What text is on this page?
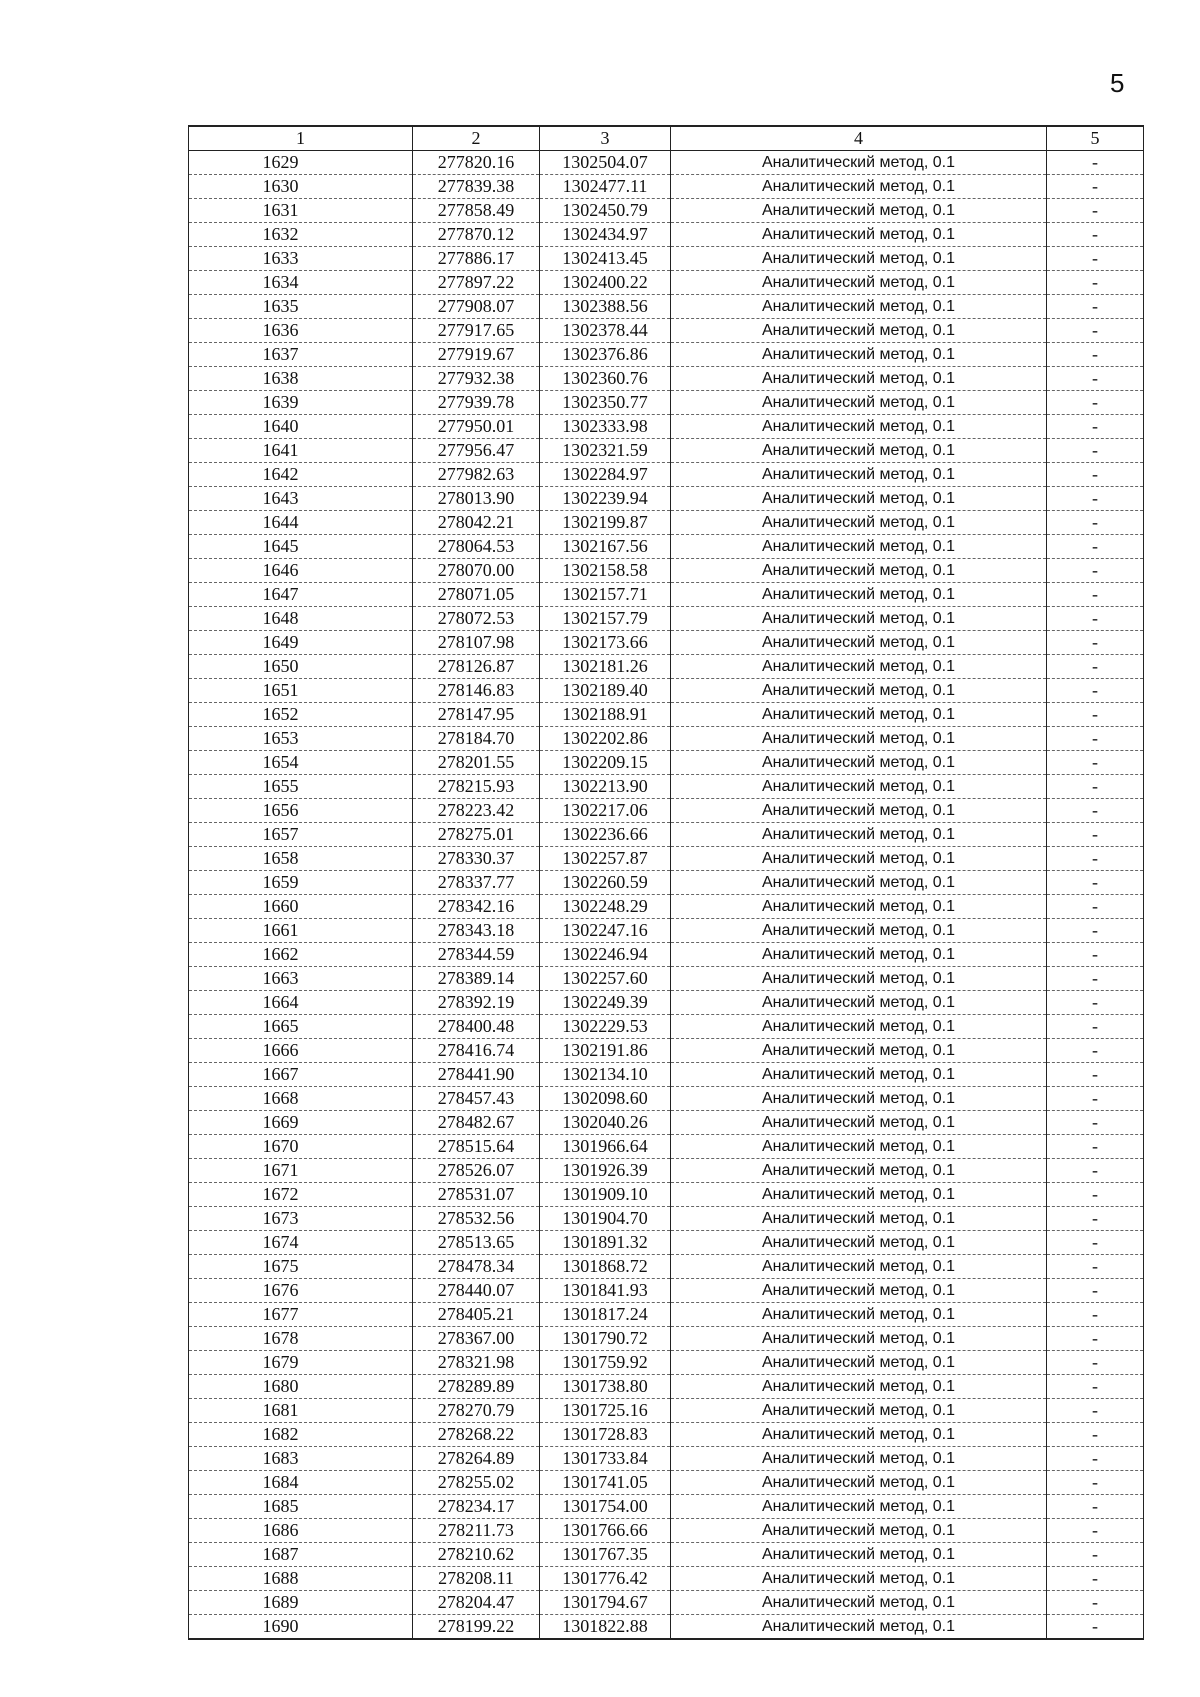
5
1	2	3	4	5
1629	277820.16	1302504.07	Аналитический метод, 0.1	-
1630	277839.38	1302477.11	Аналитический метод, 0.1	-
1631	277858.49	1302450.79	Аналитический метод, 0.1	-
1632	277870.12	1302434.97	Аналитический метод, 0.1	-
1633	277886.17	1302413.45	Аналитический метод, 0.1	-
1634	277897.22	1302400.22	Аналитический метод, 0.1	-
1635	277908.07	1302388.56	Аналитический метод, 0.1	-
1636	277917.65	1302378.44	Аналитический метод, 0.1	-
1637	277919.67	1302376.86	Аналитический метод, 0.1	-
1638	277932.38	1302360.76	Аналитический метод, 0.1	-
1639	277939.78	1302350.77	Аналитический метод, 0.1	-
1640	277950.01	1302333.98	Аналитический метод, 0.1	-
1641	277956.47	1302321.59	Аналитический метод, 0.1	-
1642	277982.63	1302284.97	Аналитический метод, 0.1	-
1643	278013.90	1302239.94	Аналитический метод, 0.1	-
1644	278042.21	1302199.87	Аналитический метод, 0.1	-
1645	278064.53	1302167.56	Аналитический метод, 0.1	-
1646	278070.00	1302158.58	Аналитический метод, 0.1	-
1647	278071.05	1302157.71	Аналитический метод, 0.1	-
1648	278072.53	1302157.79	Аналитический метод, 0.1	-
1649	278107.98	1302173.66	Аналитический метод, 0.1	-
1650	278126.87	1302181.26	Аналитический метод, 0.1	-
1651	278146.83	1302189.40	Аналитический метод, 0.1	-
1652	278147.95	1302188.91	Аналитический метод, 0.1	-
1653	278184.70	1302202.86	Аналитический метод, 0.1	-
1654	278201.55	1302209.15	Аналитический метод, 0.1	-
1655	278215.93	1302213.90	Аналитический метод, 0.1	-
1656	278223.42	1302217.06	Аналитический метод, 0.1	-
1657	278275.01	1302236.66	Аналитический метод, 0.1	-
1658	278330.37	1302257.87	Аналитический метод, 0.1	-
1659	278337.77	1302260.59	Аналитический метод, 0.1	-
1660	278342.16	1302248.29	Аналитический метод, 0.1	-
1661	278343.18	1302247.16	Аналитический метод, 0.1	-
1662	278344.59	1302246.94	Аналитический метод, 0.1	-
1663	278389.14	1302257.60	Аналитический метод, 0.1	-
1664	278392.19	1302249.39	Аналитический метод, 0.1	-
1665	278400.48	1302229.53	Аналитический метод, 0.1	-
1666	278416.74	1302191.86	Аналитический метод, 0.1	-
1667	278441.90	1302134.10	Аналитический метод, 0.1	-
1668	278457.43	1302098.60	Аналитический метод, 0.1	-
1669	278482.67	1302040.26	Аналитический метод, 0.1	-
1670	278515.64	1301966.64	Аналитический метод, 0.1	-
1671	278526.07	1301926.39	Аналитический метод, 0.1	-
1672	278531.07	1301909.10	Аналитический метод, 0.1	-
1673	278532.56	1301904.70	Аналитический метод, 0.1	-
1674	278513.65	1301891.32	Аналитический метод, 0.1	-
1675	278478.34	1301868.72	Аналитический метод, 0.1	-
1676	278440.07	1301841.93	Аналитический метод, 0.1	-
1677	278405.21	1301817.24	Аналитический метод, 0.1	-
1678	278367.00	1301790.72	Аналитический метод, 0.1	-
1679	278321.98	1301759.92	Аналитический метод, 0.1	-
1680	278289.89	1301738.80	Аналитический метод, 0.1	-
1681	278270.79	1301725.16	Аналитический метод, 0.1	-
1682	278268.22	1301728.83	Аналитический метод, 0.1	-
1683	278264.89	1301733.84	Аналитический метод, 0.1	-
1684	278255.02	1301741.05	Аналитический метод, 0.1	-
1685	278234.17	1301754.00	Аналитический метод, 0.1	-
1686	278211.73	1301766.66	Аналитический метод, 0.1	-
1687	278210.62	1301767.35	Аналитический метод, 0.1	-
1688	278208.11	1301776.42	Аналитический метод, 0.1	-
1689	278204.47	1301794.67	Аналитический метод, 0.1	-
1690	278199.22	1301822.88	Аналитический метод, 0.1	-
